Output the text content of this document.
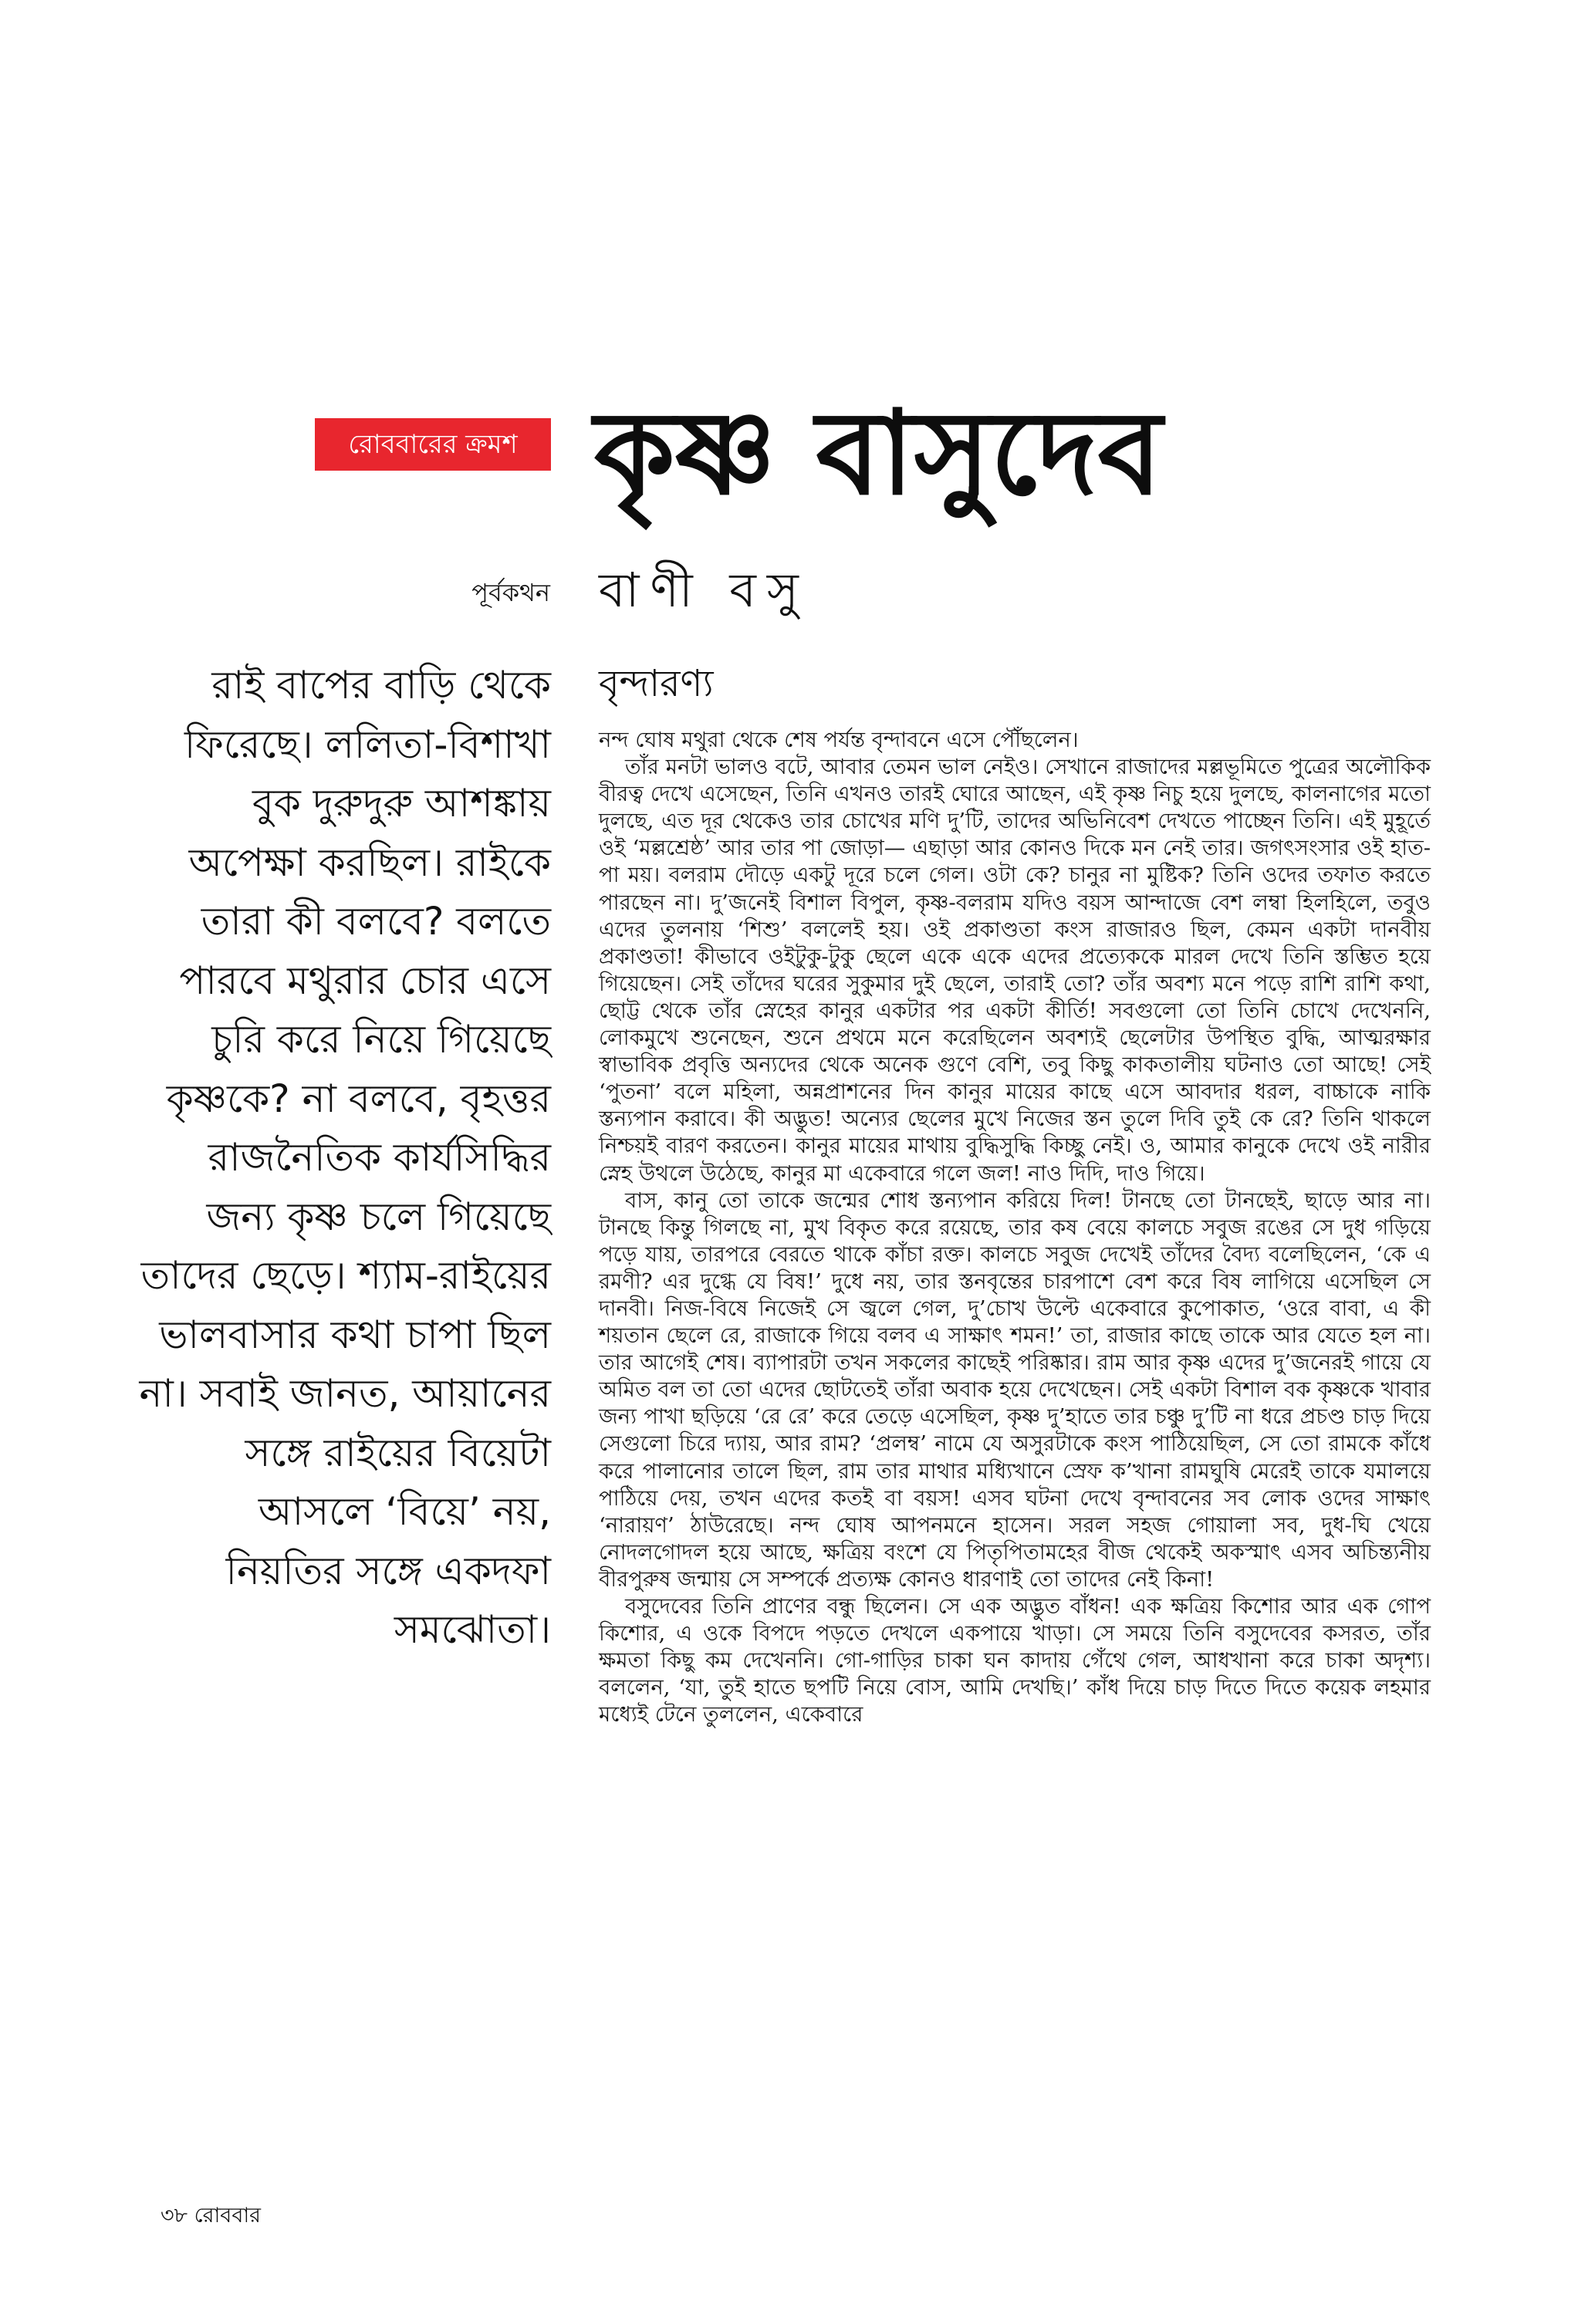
রোববারের ক্রমশ কৃষ্ণ বাসুদেব
পূর্বকথন বাণী বসু

রাই বাপের বাড়ি থেকে ফিরেছে। ললিতা-বিশাখা বুক দুরুদুরু আশঙ্কায় অপেক্ষা করছিল। রাইকে তারা কী বলবে? বলতে পারবে মথুরার চোর এসে চুরি করে নিয়ে গিয়েছে কৃষ্ণকে? না বলবে, বৃহত্তর রাজনৈতিক কার্যসিদ্ধির জন্য কৃষ্ণ চলে গিয়েছে তাদের ছেড়ে। শ্যাম-রাইয়ের ভালবাসার কথা চাপা ছিল না। সবাই জানত, আয়ানের সঙ্গে রাইয়ের বিয়েটা আসলে ‘বিয়ে’ নয়, নিয়তির সঙ্গে একদফা সমঝোতা।

বৃন্দারণ্য

নন্দ ঘোষ মথুরা থেকে শেষ পর্যন্ত বৃন্দাবনে এসে পৌঁছলেন।

তাঁর মনটা ভালও বটে, আবার তেমন ভাল নেইও। সেখানে রাজাদের মল্লভূমিতে পুত্রের অলৌকিক বীরত্ব দেখে এসেছেন, তিনি এখনও তারই ঘোরে আছেন, এই কৃষ্ণ নিচু হয়ে দুলছে, কালনাগের মতো দুলছে, এত দূর থেকেও তার চোখের মণি দু’টি, তাদের অভিনিবেশ দেখতে পাচ্ছেন তিনি। এই মুহূর্তে ওই ‘মল্লশ্রেষ্ঠ’ আর তার পা জোড়া— এছাড়া আর কোনও দিকে মন নেই তার। জগৎসংসার ওই হাত-পা ময়। বলরাম দৌড়ে একটু দূরে চলে গেল। ওটা কে? চানুর না মুষ্টিক? তিনি ওদের তফাত করতে পারছেন না। দু’জনেই বিশাল বিপুল, কৃষ্ণ-বলরাম যদিও বয়স আন্দাজে বেশ লম্বা হিলহিলে, তবুও এদের তুলনায় ‘শিশু’ বললেই হয়। ওই প্রকাণ্ডতা কংস রাজারও ছিল, কেমন একটা দানবীয় প্রকাণ্ডতা! কীভাবে ওইটুকু-টুকু ছেলে একে একে এদের প্রত্যেককে মারল দেখে তিনি স্তম্ভিত হয়ে গিয়েছেন। সেই তাঁদের ঘরের সুকুমার দুই ছেলে, তারাই তো? তাঁর অবশ্য মনে পড়ে রাশি রাশি কথা, ছোট্ট থেকে তাঁর স্নেহের কানুর একটার পর একটা কীর্তি! সবগুলো তো তিনি চোখে দেখেননি, লোকমুখে শুনেছেন, শুনে প্রথমে মনে করেছিলেন অবশ্যই ছেলেটার উপস্থিত বুদ্ধি, আত্মরক্ষার স্বাভাবিক প্রবৃত্তি অন্যদের থেকে অনেক গুণে বেশি, তবু কিছু কাকতালীয় ঘটনাও তো আছে! সেই ‘পুতনা’ বলে মহিলা, অন্নপ্রাশনের দিন কানুর মায়ের কাছে এসে আবদার ধরল, বাচ্চাকে নাকি স্তন্যপান করাবে। কী অদ্ভুত! অন্যের ছেলের মুখে নিজের স্তন তুলে দিবি তুই কে রে? তিনি থাকলে নিশ্চয়ই বারণ করতেন। কানুর মায়ের মাথায় বুদ্ধিসুদ্ধি কিচ্ছু নেই। ও, আমার কানুকে দেখে ওই নারীর স্নেহ উথলে উঠেছে, কানুর মা একেবারে গলে জল! নাও দিদি, দাও গিয়ে।

বাস, কানু তো তাকে জন্মের শোধ স্তন্যপান করিয়ে দিল! টানছে তো টানছেই, ছাড়ে আর না। টানছে কিন্তু গিলছে না, মুখ বিকৃত করে রয়েছে, তার কষ বেয়ে কালচে সবুজ রঙের সে দুধ গড়িয়ে পড়ে যায়, তারপরে বেরতে থাকে কাঁচা রক্ত। কালচে সবুজ দেখেই তাঁদের বৈদ্য বলেছিলেন, ‘কে এ রমণী? এর দুগ্ধে যে বিষ!’ দুধে নয়, তার স্তনবৃন্তের চারপাশে বেশ করে বিষ লাগিয়ে এসেছিল সে দানবী। নিজ-বিষে নিজেই সে জ্বলে গেল, দু’চোখ উল্টে একেবারে কুপোকাত, ‘ওরে বাবা, এ কী শয়তান ছেলে রে, রাজাকে গিয়ে বলব এ সাক্ষাৎ শমন!’ তা, রাজার কাছে তাকে আর যেতে হল না। তার আগেই শেষ। ব্যাপারটা তখন সকলের কাছেই পরিষ্কার। রাম আর কৃষ্ণ এদের দু’জনেরই গায়ে যে অমিত বল তা তো এদের ছোটতেই তাঁরা অবাক হয়ে দেখেছেন। সেই একটা বিশাল বক কৃষ্ণকে খাবার জন্য পাখা ছড়িয়ে ‘রে রে’ করে তেড়ে এসেছিল, কৃষ্ণ দু’হাতে তার চঞ্চু দু’টি না ধরে প্রচণ্ড চাড় দিয়ে সেগুলো চিরে দ্যায়, আর রাম? ‘প্রলম্ব’ নামে যে অসুরটাকে কংস পাঠিয়েছিল, সে তো রামকে কাঁধে করে পালানোর তালে ছিল, রাম তার মাথার মধ্যিখানে স্রেফ ক’খানা রামঘুষি মেরেই তাকে যমালয়ে পাঠিয়ে দেয়, তখন এদের কতই বা বয়স! এসব ঘটনা দেখে বৃন্দাবনের সব লোক ওদের সাক্ষাৎ ‘নারায়ণ’ ঠাউরেছে। নন্দ ঘোষ আপনমনে হাসেন। সরল সহজ গোয়ালা সব, দুধ-ঘি খেয়ে নোদলগোদল হয়ে আছে, ক্ষত্রিয় বংশে যে পিতৃপিতামহের বীজ থেকেই অকস্মাৎ এসব অচিন্ত্যনীয় বীরপুরুষ জন্মায় সে সম্পর্কে প্রত্যক্ষ কোনও ধারণাই তো তাদের নেই কিনা!

বসুদেবের তিনি প্রাণের বন্ধু ছিলেন। সে এক অদ্ভুত বাঁধন! এক ক্ষত্রিয় কিশোর আর এক গোপ কিশোর, এ ওকে বিপদে পড়তে দেখলে একপায়ে খাড়া। সে সময়ে তিনি বসুদেবের কসরত, তাঁর ক্ষমতা কিছু কম দেখেননি। গো-গাড়ির চাকা ঘন কাদায় গেঁথে গেল, আধখানা করে চাকা অদৃশ্য। বললেন, ‘যা, তুই হাতে ছপটি নিয়ে বোস, আমি দেখছি।’ কাঁধ দিয়ে চাড় দিতে দিতে কয়েক লহমার মধ্যেই টেনে তুললেন, একেবারে

৩৮ রোববার
